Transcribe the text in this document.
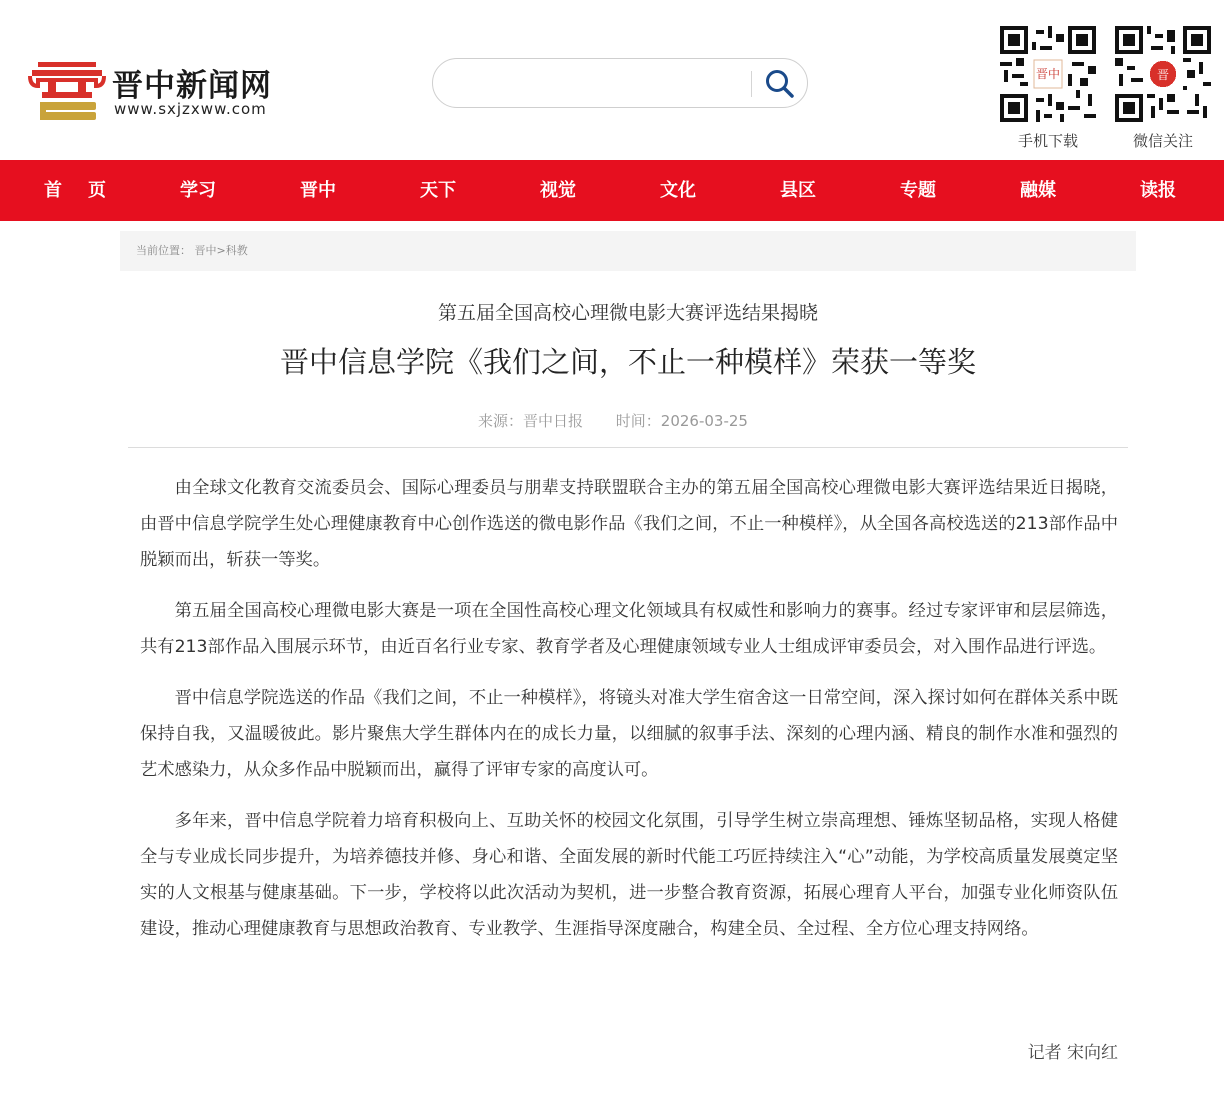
晋中新闻网
www.sxjzxww.com
晋中
手机下载
晋
微信关注
首页	学习	晋中	天下	视觉	文化	县区	专题	融媒	读报
当前位置： 晋中>科教
第五届全国高校心理微电影大赛评选结果揭晓
晋中信息学院《我们之间，不止一种模样》荣获一等奖
来源：晋中日报 时间：2026-03-25

由全球文化教育交流委员会、国际心理委员与朋辈支持联盟联合主办的第五届全国高校心理微电影大赛评选结果近日揭晓，由晋中信息学院学生处心理健康教育中心创作选送的微电影作品《我们之间，不止一种模样》，从全国各高校选送的213部作品中脱颖而出，斩获一等奖。

第五届全国高校心理微电影大赛是一项在全国性高校心理文化领域具有权威性和影响力的赛事。经过专家评审和层层筛选，共有213部作品入围展示环节，由近百名行业专家、教育学者及心理健康领域专业人士组成评审委员会，对入围作品进行评选。

晋中信息学院选送的作品《我们之间，不止一种模样》，将镜头对准大学生宿舍这一日常空间，深入探讨如何在群体关系中既保持自我，又温暖彼此。影片聚焦大学生群体内在的成长力量，以细腻的叙事手法、深刻的心理内涵、精良的制作水准和强烈的艺术感染力，从众多作品中脱颖而出，赢得了评审专家的高度认可。

多年来，晋中信息学院着力培育积极向上、互助关怀的校园文化氛围，引导学生树立崇高理想、锤炼坚韧品格，实现人格健全与专业成长同步提升，为培养德技并修、身心和谐、全面发展的新时代能工巧匠持续注入“心”动能，为学校高质量发展奠定坚实的人文根基与健康基础。下一步，学校将以此次活动为契机，进一步整合教育资源，拓展心理育人平台，加强专业化师资队伍建设，推动心理健康教育与思想政治教育、专业教学、生涯指导深度融合，构建全员、全过程、全方位心理支持网络。

记者 宋向红
